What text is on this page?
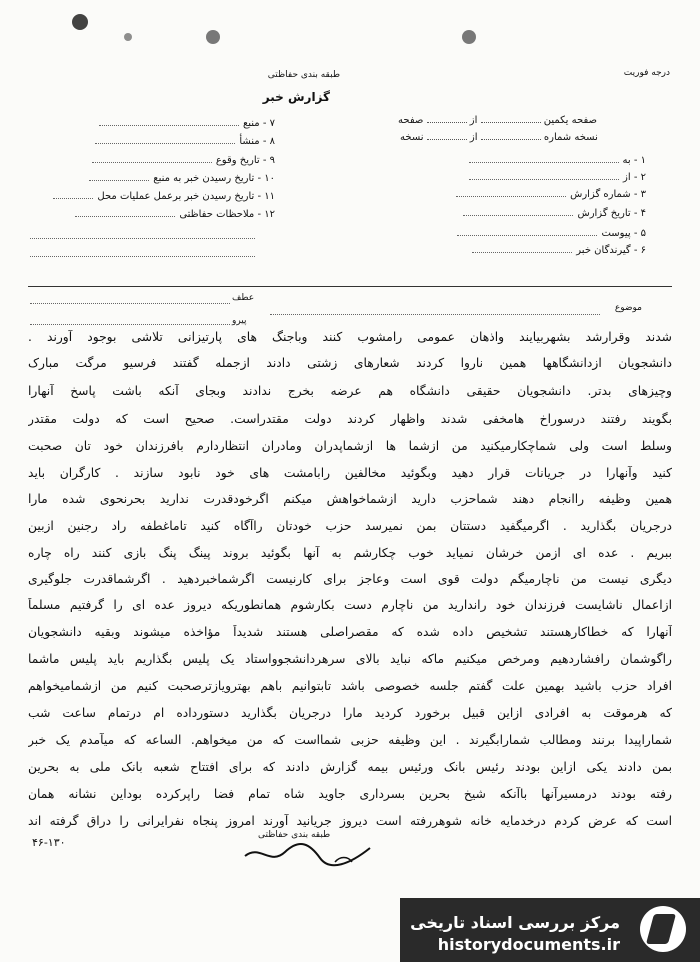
طبقه بندی حفاظتی
گزارش خبر
درجه فوریت
صفحه یکمین  از  صفحه
نسخه شماره  از  نسخه
۱ - به
۲ - از
۳ - شماره گزارش
۴ - تاریخ گزارش
۵ - پیوست
۶ - گیرندگان خبر
۷ - منبع
۸ - منشأ
۹ - تاریخ وقوع
۱۰ - تاریخ رسیدن خبر به منبع
۱۱ - تاریخ رسیدن خبر برعمل عملیات محل
۱۲ - ملاحظات حفاظتی
موضوع
عطف
پیرو
شدند وقرارشد بشهربیایند واذهان عمومی رامشوب کنند وباجنگ های پارتیزانی تلاشی بوجود آورند .
دانشجویان ازدانشگاهها همین ناروا کردند شعارهای زشتی دادند ازجمله گفتند فرسیو مرگت مبارک
وچیزهای بدتر. دانشجویان حقیقی دانشگاه هم عرضه بخرج ندادند وبجای آنکه باشت پاسخ آنهارا
بگویند رفتند درسوراخ هامخفی شدند واظهار کردند دولت مقتدراست. صحیح است که دولت مقتدر
وسلط است ولی شماچکارمیکنید من ازشما ها ازشماپدران ومادران انتظاردارم بافرزندان خود تان صحبت
کنید وآنهارا در جریانات قرار دهید وبگوئید مخالفین رابامشت های خود نابود سازند . کارگران باید
همین وظیفه راانجام دهند شماحزب دارید ازشماخواهش میکنم اگرخودقدرت ندارید بحرنحوی شده مارا
درجریان بگذارید . اگرمیگفید دستتان بمن نمیرسد حزب خودتان راآگاه کنید تاماغطفه راد رجنین ازبین
ببریم . عده ای ازمن خرشان نمیاید خوب چکارشم به آنها بگوئید بروند پینگ پنگ بازی کنند راه چاره
دیگری نیست من ناچارمیگم دولت قوی است وعاجز برای کارنیست اگرشماخبردهید . اگرشماقدرت جلوگیری
ازاعمال ناشایست فرزندان خود راندارید من ناچارم دست بکارشوم همانطوریکه دیروز عده ای را گرفتیم مسلماً
آنهارا که خطاکارهستند تشخیص داده شده که مقصراصلی هستند شدیداً مؤاخذه میشوند وبقیه دانشجویان
راگوشمان رافشاردهیم ومرخص میکنیم ماکه نباید بالای سرهردانشجوواستاد یک پلیس بگذاریم باید پلیس ماشما
افراد حزب باشید بهمین علت گفتم جلسه خصوصی باشد تابتوانیم باهم بهترویازترصحبت کنیم من ازشمامیخواهم
که هرموقت به افرادی ازاین قبیل برخورد کردید مارا درجریان بگذارید دستورداده ام درتمام ساعت شب
شماراپیدا برنند ومطالب شمارابگیرند . این وظیفه حزبی شمااست که من میخواهم. الساعه که میآمدم یک خبر
بمن دادند یکی ازاین بودند رئیس بانک ورئیس بیمه گزارش دادند که برای افتتاح شعبه بانک ملی به بحرین
رفته بودند درمسیرآنها باآنکه شیخ بحرین بسرداری جاوید شاه تمام فضا راپرکرده بوداین نشانه همان
است که عرض کردم درخدمایه خانه شوهررفته است دیروز جریانید آورند امروز پنجاه نفرایرانی را دراق گرفته اند
طبقه بندی حفاظتی
۴۶-۱۳۰
مرکز بررسی اسناد تاریخی
historydocuments.ir
